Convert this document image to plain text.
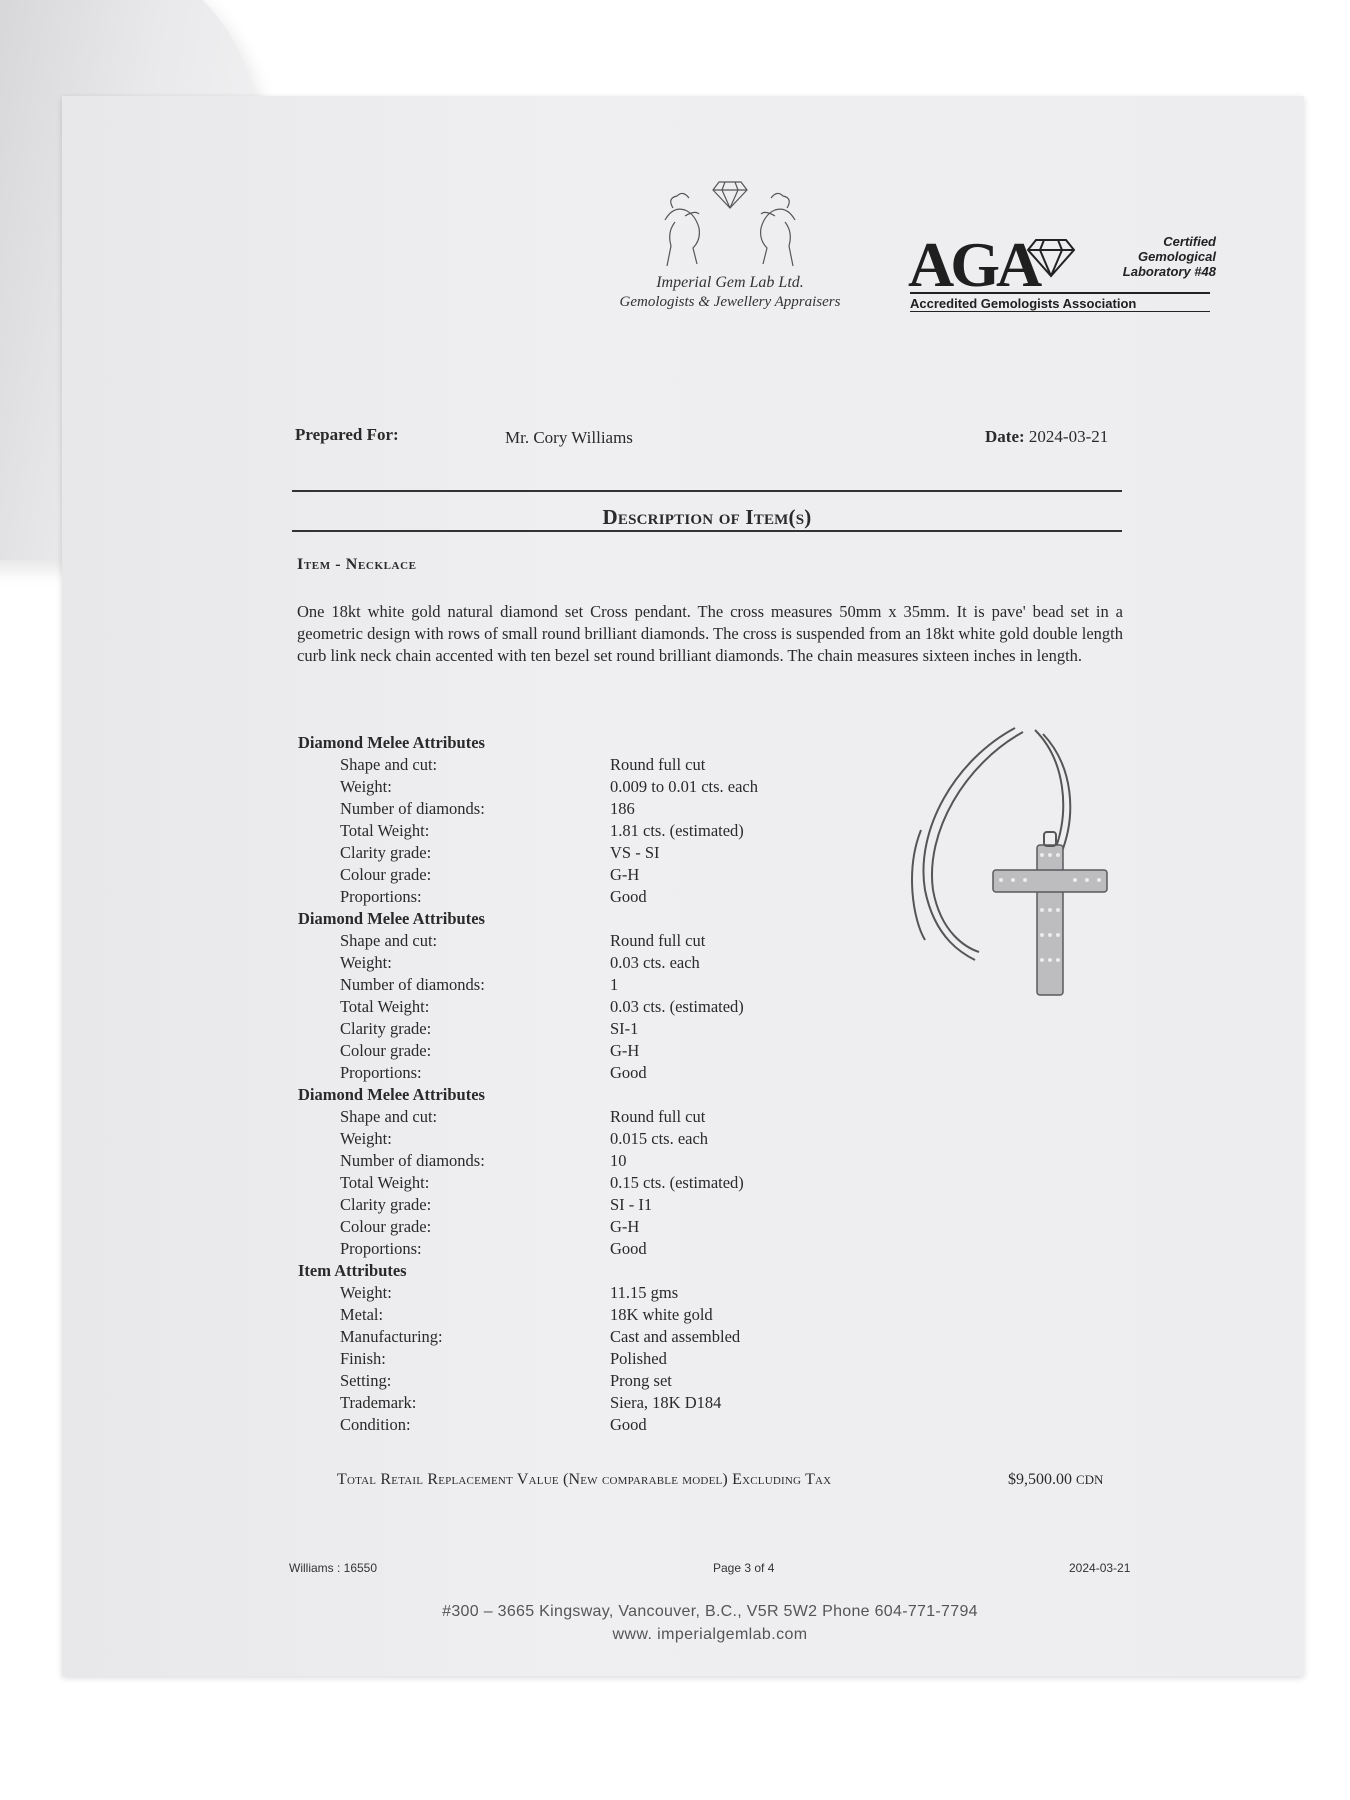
Imperial Gem Lab Ltd.
Gemologists & Jewellery Appraisers
AGA	Certified
Gemological
Laboratory #48
Accredited Gemologists Association
Prepared For:	Mr. Cory Williams	Date: 2024-03-21
Description of Item(s)
Item - Necklace
One 18kt white gold natural diamond set Cross pendant. The cross measures 50mm x 35mm. It is pave' bead set in a geometric design with rows of small round brilliant diamonds. The cross is suspended from an 18kt white gold double length curb link neck chain accented with ten bezel set round brilliant diamonds. The chain measures sixteen inches in length.
Diamond Melee Attributes
Shape and cut:	Round full cut
Weight:	0.009 to 0.01 cts. each
Number of diamonds:	186
Total Weight:	1.81 cts. (estimated)
Clarity grade:	VS - SI
Colour grade:	G-H
Proportions:	Good
Diamond Melee Attributes
Shape and cut:	Round full cut
Weight:	0.03 cts. each
Number of diamonds:	1
Total Weight:	0.03 cts. (estimated)
Clarity grade:	SI-1
Colour grade:	G-H
Proportions:	Good
Diamond Melee Attributes
Shape and cut:	Round full cut
Weight:	0.015 cts. each
Number of diamonds:	10
Total Weight:	0.15 cts. (estimated)
Clarity grade:	SI - I1
Colour grade:	G-H
Proportions:	Good
Item Attributes
Weight:	11.15 gms
Metal:	18K white gold
Manufacturing:	Cast and assembled
Finish:	Polished
Setting:	Prong set
Trademark:	Siera, 18K D184
Condition:	Good
Total Retail Replacement Value (New comparable model) Excluding Tax	$9,500.00 CDN
Williams : 16550	Page 3 of 4	2024-03-21
#300 – 3665 Kingsway, Vancouver, B.C., V5R 5W2 Phone 604-771-7794
www. imperialgemlab.com
